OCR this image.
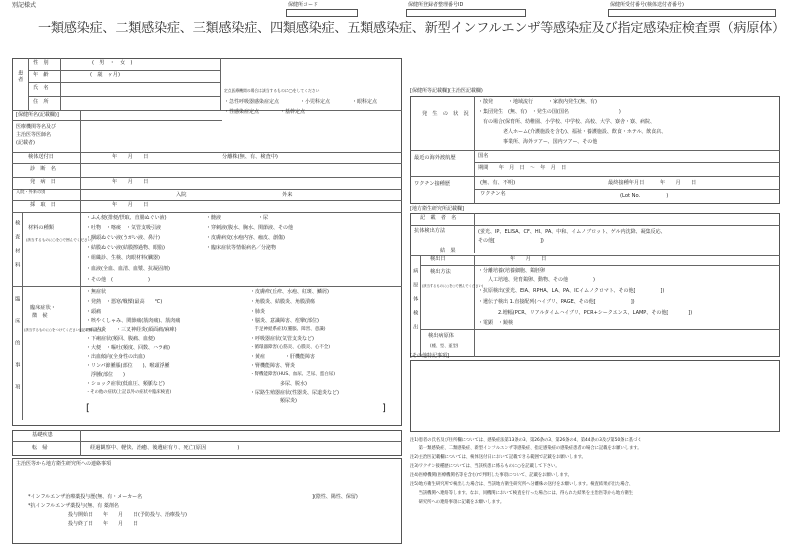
別記様式	保健所コード	保健所登録者整理番号ID	保健所受付番号(検体送付者番号)
一類感染症、二類感染症、三類感染症、四類感染症、五類感染症、新型インフルエンザ等感染症及び指定感染症検査票（病原体）
患者
性　別	(　男　・　女　)
年　齢	(　歳　ヶ月)
氏　名
住　所
定点医療機関の場合は該当するものに◯をしてください
・急性呼吸器感染症定点	・小児科定点	・眼科定点
・性感染症定点	・基幹定点
[保健所名(記載欄)]
医療機関等名及び
主治医等医師名
(記載者)
検体送付日	年　　月　　日	分離株(無、有、検査中)
診　断　名
発　病　日	年　　月　　日
入院・外来の別
入院	外来
採　取　日	年　　月　　日
検
査
材
料
材料の種類
(該当するものに○を○で囲んでください)
・ふん便(排便/摂取、直腸ぬぐい液)
・吐物　・喀痰　・気管支吸引液
・咽頭ぬぐい液(うがい液、鼻汁)
・結膜ぬぐい液(結膜擦過物、眼脂)
・組織診、生検、肉眼材料(臓器)
・血液(全血、血清、血漿、抗凝固剤)
・その他　(　　　　　　　)
・髄液	・尿
・穿刺液(腹水、胸水、関節液、その他
・皮膚病変(水疱内容、痂皮、創傷)
・臨床症状等情報病名／分泌物
臨
床
的
事
項
臨床症状・
徴　候
(該当するものに○をつけてください)(記載欄も記入)
・無症状
・発熱　・悪寒/戦慄(最高　　℃)
・頭痛
・咳やくしゃみ、関節痛(筋肉痛)、筋肉痛
・口内炎　　・三叉神経炎(顔面痛/麻痺)
・下痢症状(頻回、腹痛、血便)
・大便　・嘔吐(頻度、回数、ハラ痛)
・出血傾向(全身性の出血)
・リンパ節腫脹(部位　　)、喉頭浮腫
　浮腫(部位　　)
・ショック症状(低血圧、頻脈など)
・その他の症状(上記以外の症状や臨床検査)
・皮膚疹(丘疹、水疱、紅斑、鱗屑)
・角膜炎、結膜炎、角膜潰瘍
・肺炎
・脳炎、意識障害、痙攣(部位)
　手足神経系症状(腫脹、障害、意識)
・呼吸器症状(気管支炎など)
・循環器障害(心筋炎、心膜炎、心不全)
・黄疸　　　　・肝機能障害
・腎機能障害、腎炎
・腎機能障害(HUS、血尿、乏尿、蛋白尿)
　　　　　　多尿、脱水)
・尿路生殖器症状(性器炎、尿道炎など)
　　　　　　頻尿炎)
[	]
基礎疾患
転　帰	経過観察中、軽快、治癒、後遺症有り、死亡(原因　　　　　　)
主治医等から地方衛生研究所への連絡事項
*インフルエンザ治療薬投与歴(無、有・メーカー名	](陰性、陽性、保留)
*抗インフルエンザ薬投与(無、有 薬剤名
　　　　　　　　投与開始日　　年　　月　　日(予防投与、治療投与)
　　　　　　　　投与終了日　　年　　月　　日
[保健所等記載欄](主治医記載欄)
発　生　の　状　況
・散発　　　・地域流行　　　・家族内発生(無、有)
・集団発生　(無、有)　・発生の国(国名　　　　　　　　　　)
　有の場合(保育所、幼稚園、小学校、中学校、高校、大学、寮舎・寮、病院、
　　　　　老人ホーム(介護施設を含む)、福祉・養護施設、飲食・ホテル、飲食店、
　　　　　事業所、海外ツアー、国内ツアー、その他
最近の海外渡航歴	国名
期間　　年　月　日　～　年　月　日
ワクチン接種歴	(無、有、不明)	最終接種年月日　　　年　　月　　日
ワクチン名	(Lot No.　　　　　)
[地方衛生研究所記載欄]
記　載　者　名
抗体検出方法	(蛍光、IP、ELISA、CF、HI、PA、中和、イムノブロット、ゲル内沈降、凝集反応、
その他[　　　　　　　　　])
結　果
病
原
体
検
出
検出日	年　　月　　日
検出方法
(該当するものに○を○で囲んでください)
・分離培養(培養細胞、鶏胚卵
　　人工培地、発育鶏卵、動物、その他　　　　　)
・抗原検出(蛍光、EIA、RPHA、LA、PA、ICイムノクロマト、その他[　　　　　])
・遺伝子検出 1.直接配列(ハイブリ、PAGE、その他[　　　　　　　])
　　　　2.増幅(PCR、リアルタイムハイブリ、PCR+シークエンス、LAMP、その他[　　　　])
・電顕　・鏡検
検出病原体
(種、型、亜型)
[その他特記事項]
注1)患者の氏名及び住所欄については、感染症法第13条の3、第26条の3、第26条の4、第44条の3及び第50条に基づく
　　第一類感染症、二類感染症、新型インフルエンザ等感染症、指定感染症の感染症患者の場合に記載をお願いします。
注2)主治医記載欄については、検体送付日において記載できる範囲で記載をお願いします。
注3)ワクチン接種歴については、当該疾患に係るものに○を記載して下さい。
注4)医療機関(医療機関名等を含む)で判明した事項について、記載をお願いします。
注5)地方衛生研究所で検出した場合は、当該地方衛生研究所へ分離株の送付をお願いします。検査結果が出た場合、
　　当該機関へ連絡等します。なお、同機関において検査を行った場合には、得られた結果を主治医等から地方衛生
　　研究所への連絡事項に記載をお願いします。
